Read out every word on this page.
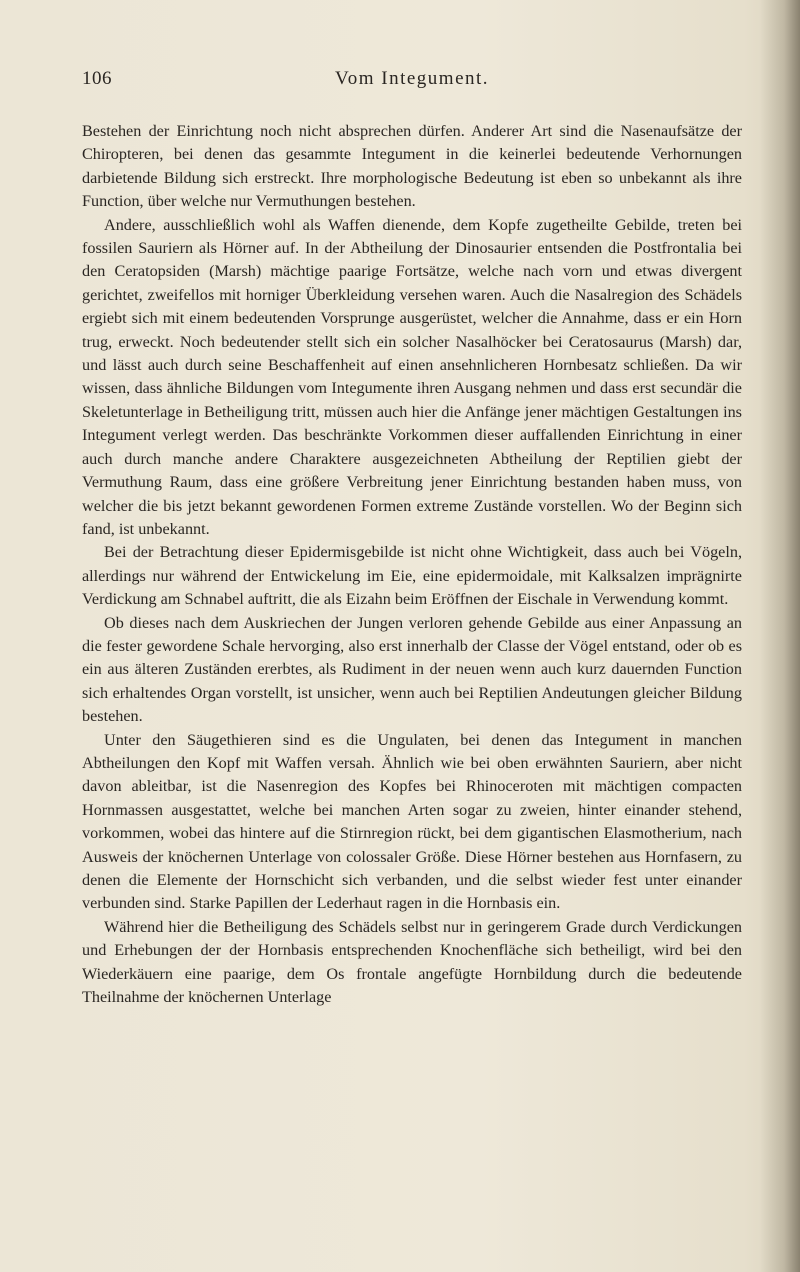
106	Vom Integument.

Bestehen der Einrichtung noch nicht absprechen dürfen. Anderer Art sind die Nasenaufsätze der Chiropteren, bei denen das gesammte Integument in die keinerlei bedeutende Verhornungen darbietende Bildung sich erstreckt. Ihre morphologische Bedeutung ist eben so unbekannt als ihre Function, über welche nur Vermuthungen bestehen.

Andere, ausschließlich wohl als Waffen dienende, dem Kopfe zugetheilte Gebilde, treten bei fossilen Sauriern als Hörner auf. In der Abtheilung der Dinosaurier entsenden die Postfrontalia bei den Ceratopsiden (Marsh) mächtige paarige Fortsätze, welche nach vorn und etwas divergent gerichtet, zweifellos mit horniger Überkleidung versehen waren. Auch die Nasalregion des Schädels ergiebt sich mit einem bedeutenden Vorsprunge ausgerüstet, welcher die Annahme, dass er ein Horn trug, erweckt. Noch bedeutender stellt sich ein solcher Nasalhöcker bei Ceratosaurus (Marsh) dar, und lässt auch durch seine Beschaffenheit auf einen ansehnlicheren Hornbesatz schließen. Da wir wissen, dass ähnliche Bildungen vom Integumente ihren Ausgang nehmen und dass erst secundär die Skeletunterlage in Betheiligung tritt, müssen auch hier die Anfänge jener mächtigen Gestaltungen ins Integument verlegt werden. Das beschränkte Vorkommen dieser auffallenden Einrichtung in einer auch durch manche andere Charaktere ausgezeichneten Abtheilung der Reptilien giebt der Vermuthung Raum, dass eine größere Verbreitung jener Einrichtung bestanden haben muss, von welcher die bis jetzt bekannt gewordenen Formen extreme Zustände vorstellen. Wo der Beginn sich fand, ist unbekannt.

Bei der Betrachtung dieser Epidermisgebilde ist nicht ohne Wichtigkeit, dass auch bei Vögeln, allerdings nur während der Entwickelung im Eie, eine epidermoidale, mit Kalksalzen imprägnirte Verdickung am Schnabel auftritt, die als Eizahn beim Eröffnen der Eischale in Verwendung kommt.

Ob dieses nach dem Auskriechen der Jungen verloren gehende Gebilde aus einer Anpassung an die fester gewordene Schale hervorging, also erst innerhalb der Classe der Vögel entstand, oder ob es ein aus älteren Zuständen ererbtes, als Rudiment in der neuen wenn auch kurz dauernden Function sich erhaltendes Organ vorstellt, ist unsicher, wenn auch bei Reptilien Andeutungen gleicher Bildung bestehen.

Unter den Säugethieren sind es die Ungulaten, bei denen das Integument in manchen Abtheilungen den Kopf mit Waffen versah. Ähnlich wie bei oben erwähnten Sauriern, aber nicht davon ableitbar, ist die Nasenregion des Kopfes bei Rhinoceroten mit mächtigen compacten Hornmassen ausgestattet, welche bei manchen Arten sogar zu zweien, hinter einander stehend, vorkommen, wobei das hintere auf die Stirnregion rückt, bei dem gigantischen Elasmotherium, nach Ausweis der knöchernen Unterlage von colossaler Größe. Diese Hörner bestehen aus Hornfasern, zu denen die Elemente der Hornschicht sich verbanden, und die selbst wieder fest unter einander verbunden sind. Starke Papillen der Lederhaut ragen in die Hornbasis ein.

Während hier die Betheiligung des Schädels selbst nur in geringerem Grade durch Verdickungen und Erhebungen der der Hornbasis entsprechenden Knochenfläche sich betheiligt, wird bei den Wiederkäuern eine paarige, dem Os frontale angefügte Hornbildung durch die bedeutende Theilnahme der knöchernen Unterlage
